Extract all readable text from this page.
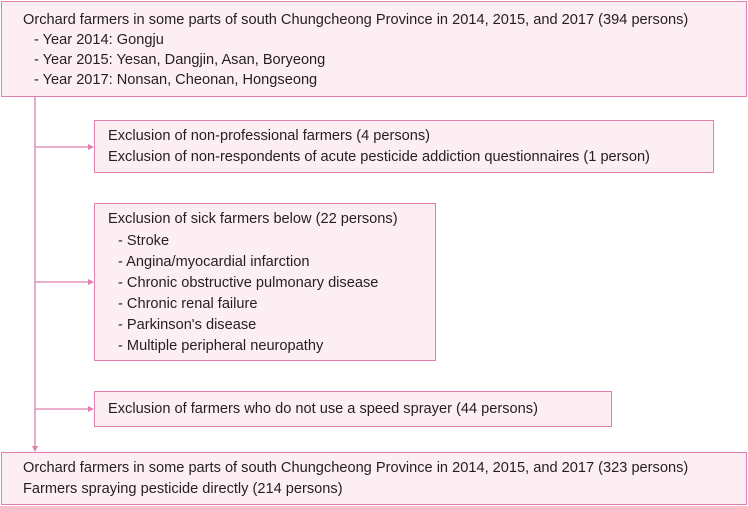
Orchard farmers in some parts of south Chungcheong Province in 2014, 2015, and 2017 (394 persons)
- Year 2014: Gongju
- Year 2015: Yesan, Dangjin, Asan, Boryeong
- Year 2017: Nonsan, Cheonan, Hongseong
Exclusion of non-professional farmers (4 persons)
Exclusion of non-respondents of acute pesticide addiction questionnaires (1 person)
Exclusion of sick farmers below (22 persons)
- Stroke
- Angina/myocardial infarction
- Chronic obstructive pulmonary disease
- Chronic renal failure
- Parkinson's disease
- Multiple peripheral neuropathy
Exclusion of farmers who do not use a speed sprayer (44 persons)
Orchard farmers in some parts of south Chungcheong Province in 2014, 2015, and 2017 (323 persons)
Farmers spraying pesticide directly (214 persons)
